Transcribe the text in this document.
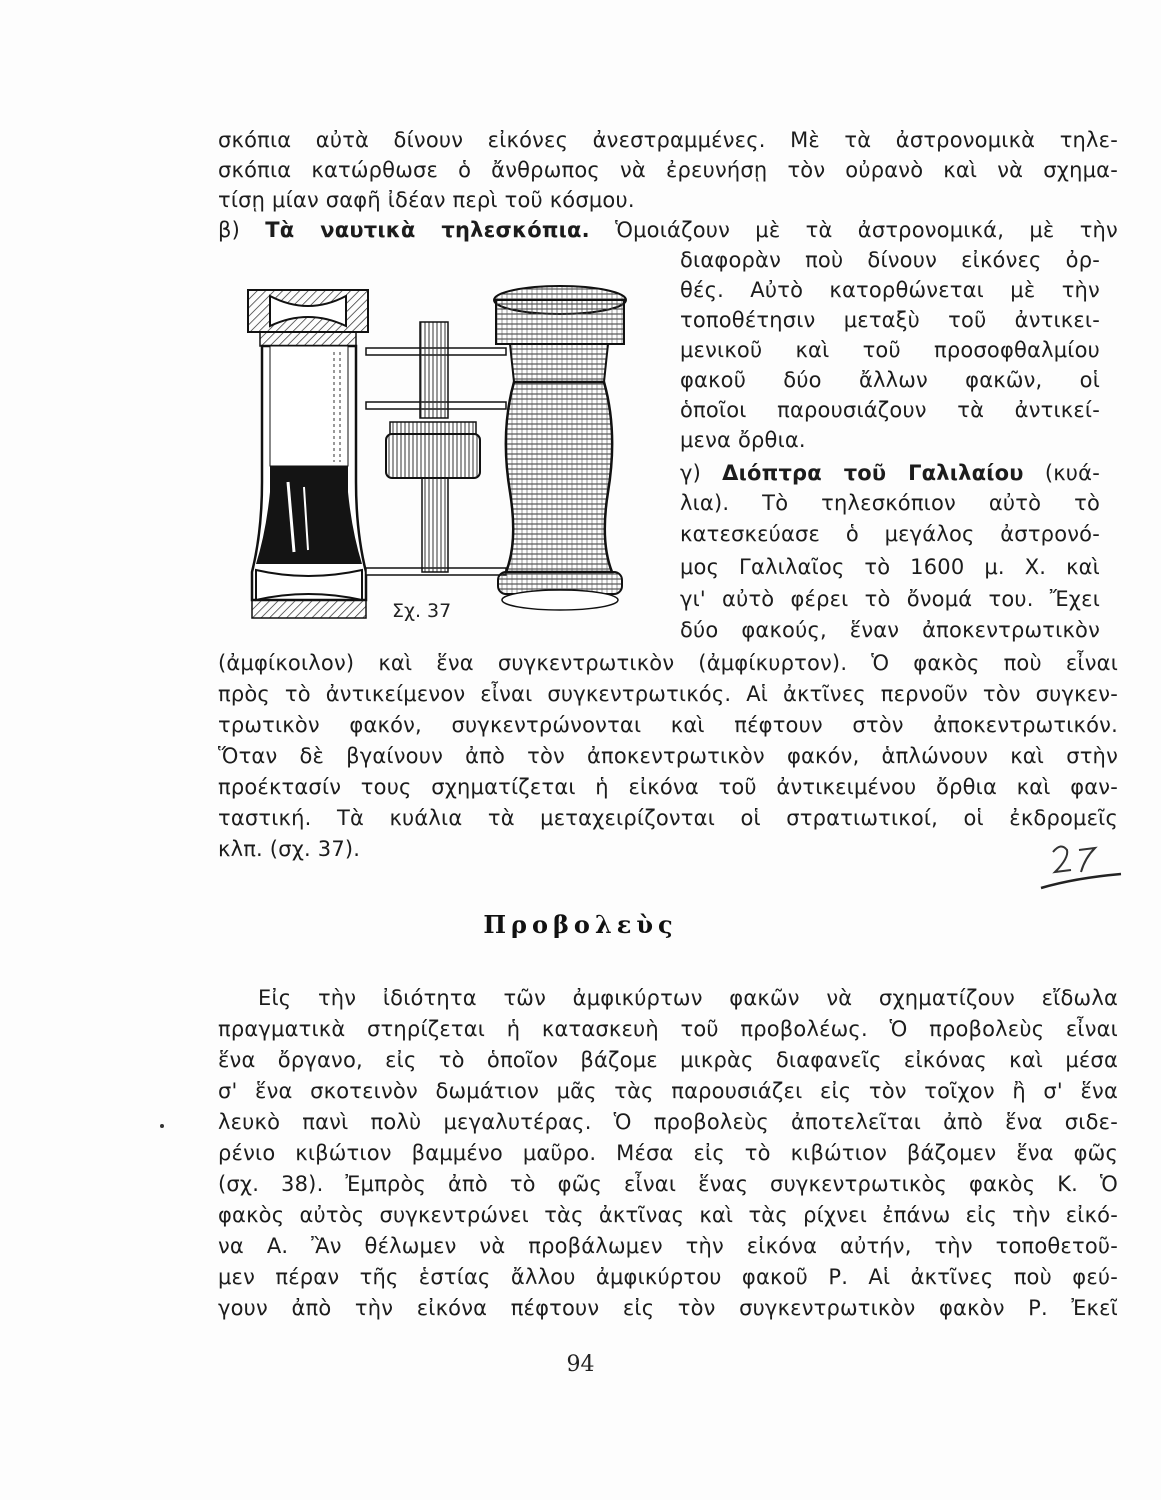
σκόπια αὐτὰ δίνουν εἰκόνες ἀνεστραμμένες. Μὲ τὰ ἀστρονομικὰ τηλε-
σκόπια κατώρθωσε ὁ ἄνθρωπος νὰ ἐρευνήσῃ τὸν οὐρανὸ καὶ νὰ σχημα-
τίσῃ μίαν σαφῆ ἰδέαν περὶ τοῦ κόσμου.
β) Τὰ ναυτικὰ τηλεσκόπια. Ὁμοιάζουν μὲ τὰ ἀστρονομικά, μὲ τὴν
διαφορὰν ποὺ δίνουν εἰκόνες ὀρ-
θές. Αὐτὸ κατορθώνεται μὲ τὴν
τοποθέτησιν μεταξὺ τοῦ ἀντικει-
μενικοῦ καὶ τοῦ προσοφθαλμίου
φακοῦ δύο ἄλλων φακῶν, οἱ
ὁποῖοι παρουσιάζουν τὰ ἀντικεί-
μενα ὄρθια.
γ) Διόπτρα τοῦ Γαλιλαίου (κυά-
λια). Τὸ τηλεσκόπιον αὐτὸ τὸ
κατεσκεύασε ὁ μεγάλος ἀστρονό-
μος Γαλιλαῖος τὸ 1600 μ. Χ. καὶ
γι' αὐτὸ φέρει τὸ ὄνομά του. Ἔχει
δύο φακούς, ἕναν ἀποκεντρωτικὸν
Σχ. 37
(ἀμφίκοιλον) καὶ ἕνα συγκεντρωτικὸν (ἀμφίκυρτον). Ὁ φακὸς ποὺ εἶναι
πρὸς τὸ ἀντικείμενον εἶναι συγκεντρωτικός. Αἱ ἀκτῖνες περνοῦν τὸν συγκεν-
τρωτικὸν φακόν, συγκεντρώνονται καὶ πέφτουν στὸν ἀποκεντρωτικόν.
Ὅταν δὲ βγαίνουν ἀπὸ τὸν ἀποκεντρωτικὸν φακόν, ἁπλώνουν καὶ στὴν
προέκτασίν τους σχηματίζεται ἡ εἰκόνα τοῦ ἀντικειμένου ὄρθια καὶ φαν-
ταστική. Τὰ κυάλια τὰ μεταχειρίζονται οἱ στρατιωτικοί, οἱ ἐκδρομεῖς
κλπ. (σχ. 37).
Προβολεὺς
Εἰς τὴν ἰδιότητα τῶν ἀμφικύρτων φακῶν νὰ σχηματίζουν εἴδωλα
πραγματικὰ στηρίζεται ἡ κατασκευὴ τοῦ προβολέως. Ὁ προβολεὺς εἶναι
ἕνα ὄργανο, εἰς τὸ ὁποῖον βάζομε μικρὰς διαφανεῖς εἰκόνας καὶ μέσα
σ' ἕνα σκοτεινὸν δωμάτιον μᾶς τὰς παρουσιάζει εἰς τὸν τοῖχον ἢ σ' ἕνα
λευκὸ πανὶ πολὺ μεγαλυτέρας. Ὁ προβολεὺς ἀποτελεῖται ἀπὸ ἕνα σιδε-
ρένιο κιβώτιον βαμμένο μαῦρο. Μέσα εἰς τὸ κιβώτιον βάζομεν ἕνα φῶς
(σχ. 38). Ἐμπρὸς ἀπὸ τὸ φῶς εἶναι ἕνας συγκεντρωτικὸς φακὸς Κ. Ὁ
φακὸς αὐτὸς συγκεντρώνει τὰς ἀκτῖνας καὶ τὰς ρίχνει ἐπάνω εἰς τὴν εἰκό-
να Α. Ἂν θέλωμεν νὰ προβάλωμεν τὴν εἰκόνα αὐτήν, τὴν τοποθετοῦ-
μεν πέραν τῆς ἑστίας ἄλλου ἀμφικύρτου φακοῦ Ρ. Αἱ ἀκτῖνες ποὺ φεύ-
γουν ἀπὸ τὴν εἰκόνα πέφτουν εἰς τὸν συγκεντρωτικὸν φακὸν Ρ. Ἐκεῖ
94
